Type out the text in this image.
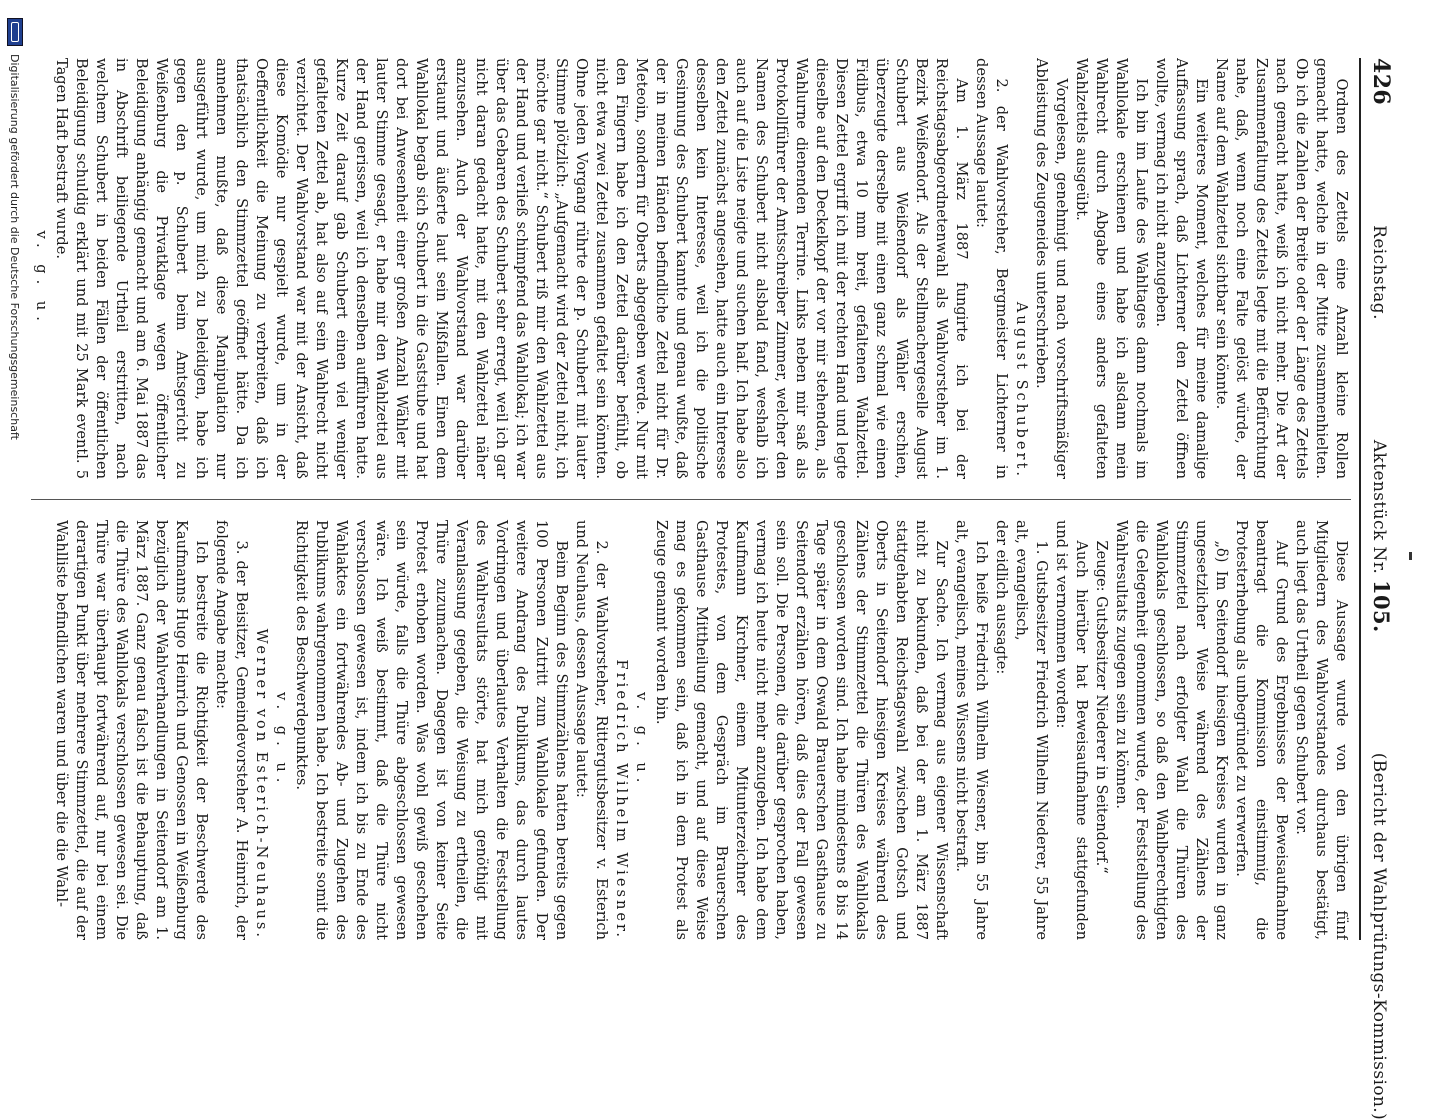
426
Reichstag.
Aktenstück Nr. 105.
(Bericht der Wahlprüfungs-Kommission.)

Ordnen des Zettels eine Anzahl kleine Rollen gemacht hatte, welche in der Mitte zusammenhielten. Ob ich die Zahlen der Breite oder der Länge des Zettels nach gemacht hatte, weiß ich nicht mehr. Die Art der Zusammenfaltung des Zettels legte mit die Befürchtung nahe, daß, wenn noch eine Falte gelöst würde, der Name auf dem Wahlzettel sichtbar sein könnte.

Ein weiteres Moment, welches für meine damalige Auffassung sprach, daß Lichterner den Zettel öffnen wollte, vermag ich nicht anzugeben.

Ich bin im Laufe des Wahltages dann nochmals im Wahllokale erschienen und habe ich alsdann mein Wahlrecht durch Abgabe eines anders gefalteten Wahlzettels ausgeübt.

Vorgelesen, genehmigt und nach vorschriftsmäßiger Ableistung des Zeugeneides unterschrieben.

August Schubert.

2. der Wahlvorsteher, Bergmeister Lichterner in dessen Aussage lautet:

Am 1. März 1887 fungirte ich bei der Reichstagsabgeordnetenwahl als Wahlvorsteher im 1. Bezirk Weißendorf. Als der Stellmachergeselle August Schubert aus Weißendorf als Wähler erschien, überzeugte derselbe mit einen ganz schmal wie einen Fidibus, etwa 10 mm breit, gefaltenen Wahlzettel. Diesen Zettel ergriff ich mit der rechten Hand und legte dieselbe auf den Deckelkopf der vor mir stehenden, als Wahlurne dienenden Terrine. Links neben mir saß als Protokollführer der Amtsschreiber Zimmer, welcher den Namen des Schubert nicht alsbald fand, weshalb ich auch auf die Liste neigte und suchen half. Ich habe also den Zettel zunächst angesehen, hatte auch ein Interesse desselben kein Interesse, weil ich die politische Gesinnung des Schubert kannte und genau wußte, daß der in meinen Händen befindliche Zettel nicht für Dr. Meteoin, sondern für Oberts abgegeben werde. Nur mit den Fingern habe ich den Zettel darüber befühlt, ob nicht etwa zwei Zettel zusammen gefaltet sein könnten. Ohne jeden Vorgang rührte der p. Schubert mit lauter Stimme plötzlich: „Aufgemacht wird der Zettel nicht, ich möchte gar nicht.“ Schubert riß mir den Wahlzettel aus der Hand und verließ schimpfend das Wahllokal; ich war über das Gebaren des Schubert sehr erregt, weil ich gar nicht daran gedacht hatte, mit den Wahlzettel näher anzusehen. Auch der Wahlvorstand war darüber erstaunt und äußerte laut sein Mißfallen. Einen dem Wahllokal begab sich Schubert in die Gaststube und hat dort bei Anwesenheit einer großen Anzahl Wähler mit lauter Stimme gesagt, er habe mir den Wahlzettel aus der Hand gerissen, weil ich denselben aufführen hatte. Kurze Zeit darauf gab Schubert einen viel weniger gefalteten Zettel ab, hat also auf sein Wahlrecht nicht verzichtet. Der Wahlvorstand war mit der Ansicht, daß diese Komödie nur gespielt wurde, um in der Oeffentlichkeit die Meinung zu verbreiten, daß ich thatsächlich den Stimmzettel geöffnet hätte. Da ich annehmen mußte, daß diese Manipulation nur ausgeführt wurde, um mich zu beleidigen, habe ich gegen den p. Schubert beim Amtsgericht zu Weißenburg die Privatklage wegen öffentlicher Beleidigung anhängig gemacht und am 6. Mai 1887 das in Abschrift beiliegende Urtheil erstritten, nach welchem Schubert in beiden Fällen der öffentlichen Beleidigung schuldig erklärt und mit 25 Mark eventl. 5 Tagen Haft bestraft wurde.

v. g. u.

Diese Aussage wurde von den übrigen fünf Mitgliedern des Wahlvorstandes durchaus bestätigt, auch liegt das Urtheil gegen Schubert vor.

Auf Grund des Ergebnisses der Beweisaufnahme beantragt die Kommission einstimmig, die Protesterhebung als unbegründet zu verwerfen.

„δ) Im Seitendorf hiesigen Kreises wurden in ganz ungesetzlicher Weise während des Zählens der Stimmzettel nach erfolgter Wahl die Thüren des Wahllokals geschlossen, so daß den Wahlberechtigten die Gelegenheit genommen wurde, der Feststellung des Wahlresultats zugegen sein zu können.

Zeuge: Gutsbesitzer Niederer in Seitendorf.“

Auch hierüber hat Beweisaufnahme stattgefunden und ist vernommen worden:

1. Gutsbesitzer Friedrich Wilhelm Niederer, 55 Jahre alt, evangelisch,

der eidlich aussagte:

Ich heiße Friedrich Wilhelm Wiesner, bin 55 Jahre alt, evangelisch, meines Wissens nicht bestraft.

Zur Sache. Ich vermag aus eigener Wissenschaft nicht zu bekunden, daß bei der am 1. März 1887 stattgehabten Reichstagswahl zwischen Gotsch und Oberts in Seitendorf hiesigen Kreises während des Zählens der Stimmzettel die Thüren des Wahllokals geschlossen worden sind. Ich habe mindestens 8 bis 14 Tage später in dem Oswald Brauerschen Gasthause zu Seitendorf erzählen hören, daß dies der Fall gewesen sein soll. Die Personen, die darüber gesprochen haben, vermag ich heute nicht mehr anzugeben. Ich habe dem Kaufmann Kirchner, einem Mitunterzeichner des Protestes, von dem Gespräch im Brauerschen Gasthause Mittheilung gemacht, und auf diese Weise mag es gekommen sein, daß ich in dem Protest als Zeuge genannt worden bin.

v. g. u.

Friedrich Wilhelm Wiesner.

2. der Wahlvorsteher, Rittergutsbesitzer v. Esterich und Neuhaus, dessen Aussage lautet:

Beim Beginn des Stimmzählens hatten bereits gegen 100 Personen Zutritt zum Wahllokale gefunden. Der weitere Andrang des Publikums, das durch lautes Vordringen und überlautes Verhalten die Feststellung des Wahlresultats störte, hat mich genöthigt mit Veranlassung gegeben, die Weisung zu ertheilen, die Thüre zuzumachen. Dagegen ist von keiner Seite Protest erhoben worden. Was wohl gewiß geschehen sein würde, falls die Thüre abgeschlossen gewesen wäre. Ich weiß bestimmt, daß die Thüre nicht verschlossen gewesen ist, indem ich bis zu Ende des Wahlaktes ein fortwährendes Ab- und Zugehen des Publikums wahrgenommen habe. Ich bestreite somit die Richtigkeit des Beschwerdepunktes.

v. g. u.

Werner von Esterich-Neuhaus.

3. der Beisitzer, Gemeindevorsteher A. Heinrich, der folgende Angabe machte:

Ich bestreite die Richtigkeit der Beschwerde des Kaufmanns Hugo Heinrich und Genossen in Weißenburg bezüglich der Wahlverhandlungen in Seitendorf am 1. März 1887. Ganz genau falsch ist die Behauptung, daß die Thüre des Wahllokals verschlossen gewesen sei. Die Thüre war überhaupt fortwährend auf, nur bei einem derartigen Punkt über mehrere Stimmzettel, die auf der Wahlliste befindlichen waren und über die die Wahl-

Digitalisierung gefördert durch die Deutsche Forschungsgemeinschaft
